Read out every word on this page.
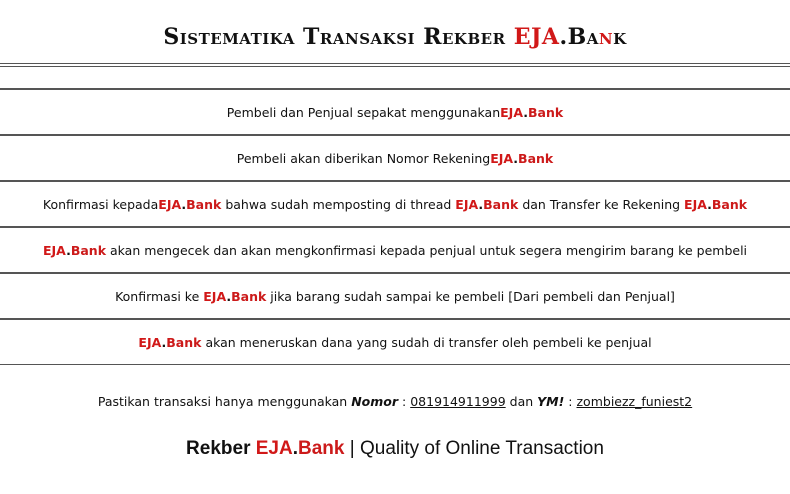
Sistematika Transaksi Rekber EJA.Bank
Pembeli dan Penjual sepakat menggunakan EJA.Bank
Pembeli akan diberikan Nomor Rekening EJA.Bank
Konfirmasi kepada EJA.Bank bahwa sudah memposting di thread EJA.Bank dan Transfer ke Rekening EJA.Bank
EJA.Bank akan mengecek dan akan mengkonfirmasi kepada penjual untuk segera mengirim barang ke pembeli
Konfirmasi ke EJA.Bank jika barang sudah sampai ke pembeli [Dari pembeli dan Penjual]
EJA.Bank akan meneruskan dana yang sudah di transfer oleh pembeli ke penjual
Pastikan transaksi hanya menggunakan Nomor : 081914911999 dan YM! : zombiezz_funiest2
Rekber EJA.Bank | Quality of Online Transaction
